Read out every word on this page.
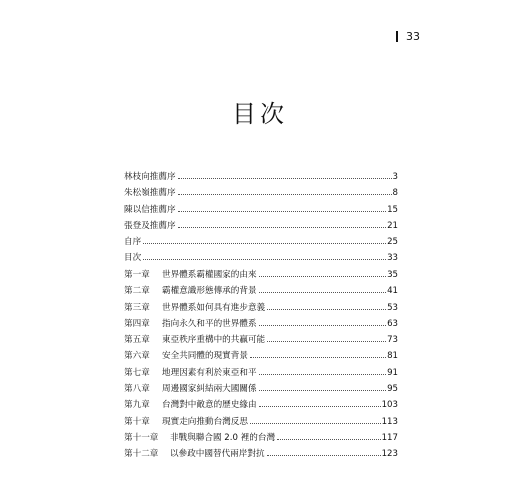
33
目次
林枝向推薦序	3
朱松嶺推薦序	8
陳以信推薦序	15
張登及推薦序	21
自序	25
目次	33
第一章	世界體系霸權國家的由來	35
第二章	霸權意識形態傳承的背景	41
第三章	世界體系如何具有進步意義	53
第四章	指向永久和平的世界體系	63
第五章	東亞秩序重構中的共贏可能	73
第六章	安全共同體的現實背景	81
第七章	地理因素有利於東亞和平	91
第八章	周邊國家糾結兩大國關係	95
第九章	台灣對中敵意的歷史緣由	103
第十章	現實走向推動台灣反思	113
第十一章	非戰與聯合國 2.0 裡的台灣	117
第十二章	以參政中國替代兩岸對抗	123
